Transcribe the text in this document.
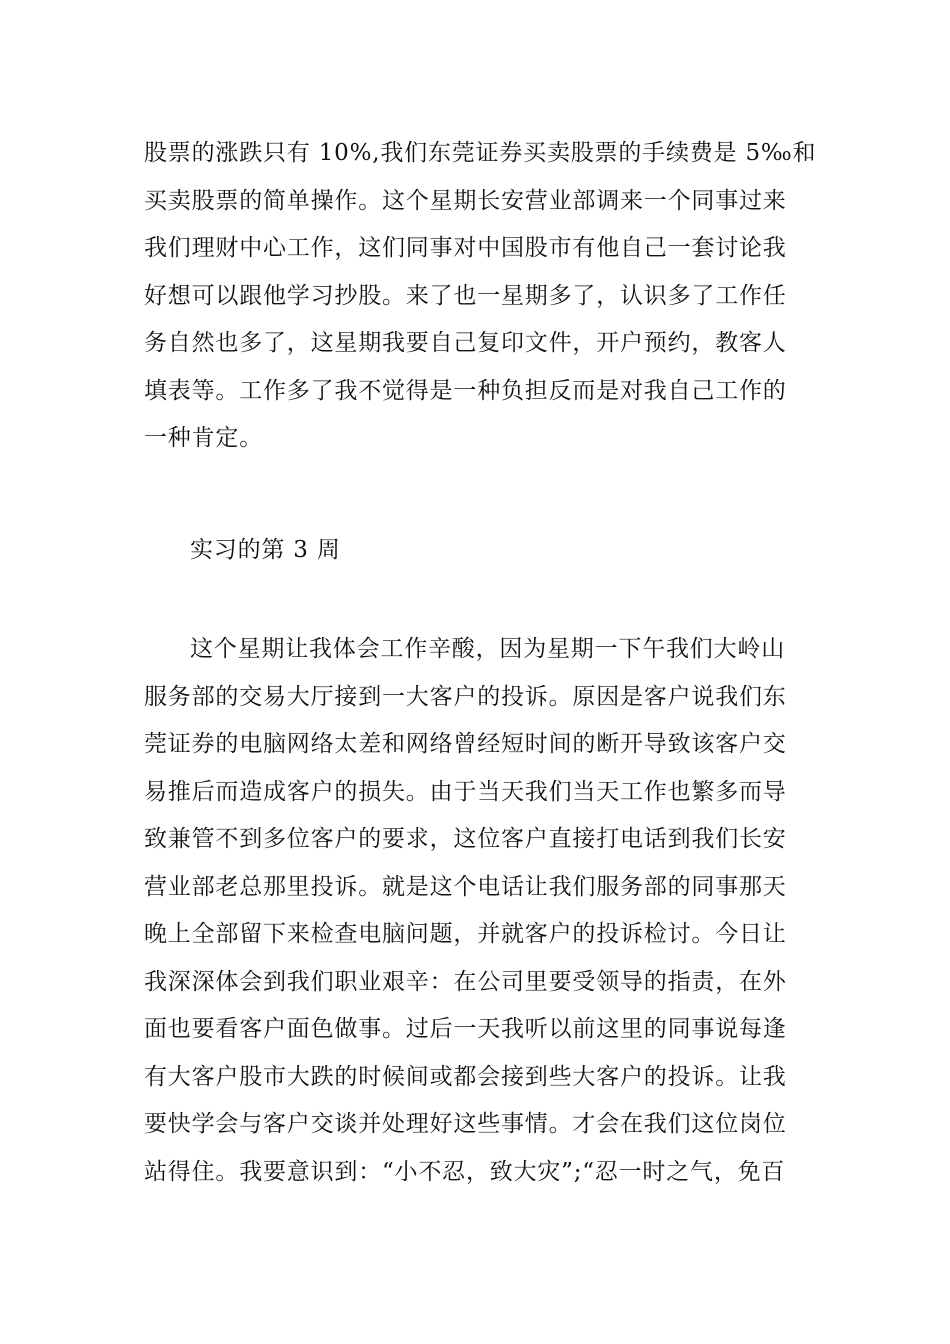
股票的涨跌只有 10%,我们东莞证券买卖股票的手续费是 5‰和
买卖股票的简单操作。这个星期长安营业部调来一个同事过来
我们理财中心工作，这们同事对中国股市有他自己一套讨论我
好想可以跟他学习抄股。来了也一星期多了，认识多了工作任
务自然也多了，这星期我要自己复印文件，开户预约，教客人
填表等。工作多了我不觉得是一种负担反而是对我自己工作的
一种肯定。
实习的第 3 周
这个星期让我体会工作辛酸，因为星期一下午我们大岭山
服务部的交易大厅接到一大客户的投诉。原因是客户说我们东
莞证券的电脑网络太差和网络曾经短时间的断开导致该客户交
易推后而造成客户的损失。由于当天我们当天工作也繁多而导
致兼管不到多位客户的要求，这位客户直接打电话到我们长安
营业部老总那里投诉。就是这个电话让我们服务部的同事那天
晚上全部留下来检查电脑问题，并就客户的投诉检讨。今日让
我深深体会到我们职业艰辛：在公司里要受领导的指责，在外
面也要看客户面色做事。过后一天我听以前这里的同事说每逢
有大客户股市大跌的时候间或都会接到些大客户的投诉。让我
要快学会与客户交谈并处理好这些事情。才会在我们这位岗位
站得住。我要意识到：“小不忍，致大灾”;“忍一时之气，免百
